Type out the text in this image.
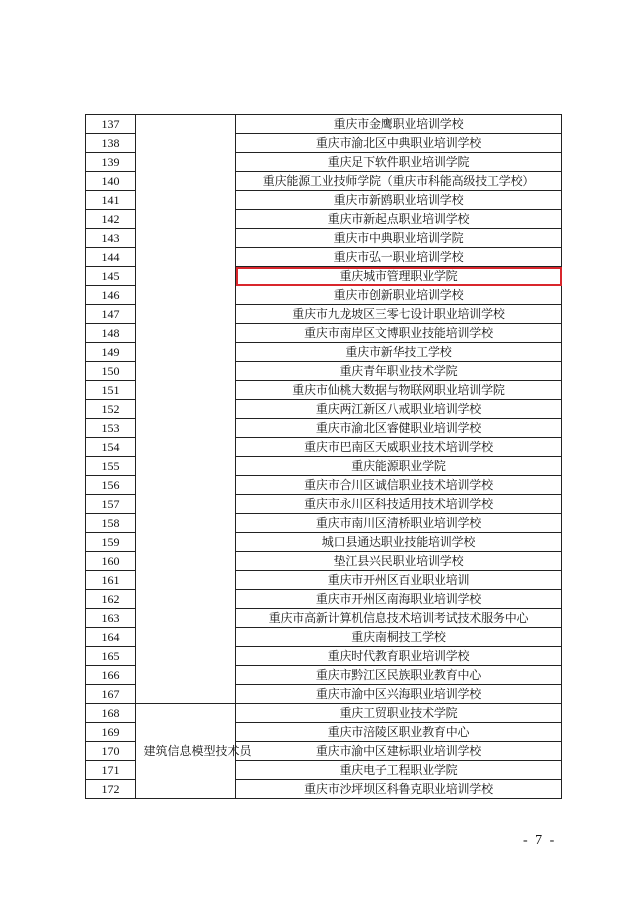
137		重庆市金鹰职业培训学校
138		重庆市渝北区中典职业培训学校
139		重庆足下软件职业培训学院
140		重庆能源工业技师学院（重庆市科能高级技工学校）
141		重庆市新鸥职业培训学校
142		重庆市新起点职业培训学校
143		重庆市中典职业培训学院
144		重庆市弘一职业培训学校
145		重庆城市管理职业学院
146		重庆市创新职业培训学校
147		重庆市九龙坡区三零七设计职业培训学校
148		重庆市南岸区文博职业技能培训学校
149		重庆市新华技工学校
150		重庆青年职业技术学院
151		重庆市仙桃大数据与物联网职业培训学院
152		重庆两江新区八戒职业培训学校
153		重庆市渝北区睿健职业培训学校
154		重庆市巴南区天威职业技术培训学校
155		重庆能源职业学院
156		重庆市合川区诚信职业技术培训学校
157		重庆市永川区科技适用技术培训学校
158		重庆市南川区清桥职业培训学校
159		城口县通达职业技能培训学校
160		垫江县兴民职业培训学校
161		重庆市开州区百业职业培训
162		重庆市开州区南海职业培训学校
163		重庆市高新计算机信息技术培训考试技术服务中心
164		重庆南桐技工学校
165		重庆时代教育职业培训学校
166		重庆市黔江区民族职业教育中心
167		重庆市渝中区兴海职业培训学校
168	建筑信息模型技术员	重庆工贸职业技术学院
169		重庆市涪陵区职业教育中心
170		重庆市渝中区建标职业培训学校
171		重庆电子工程职业学院
172		重庆市沙坪坝区科鲁克职业培训学校
- 7 -
